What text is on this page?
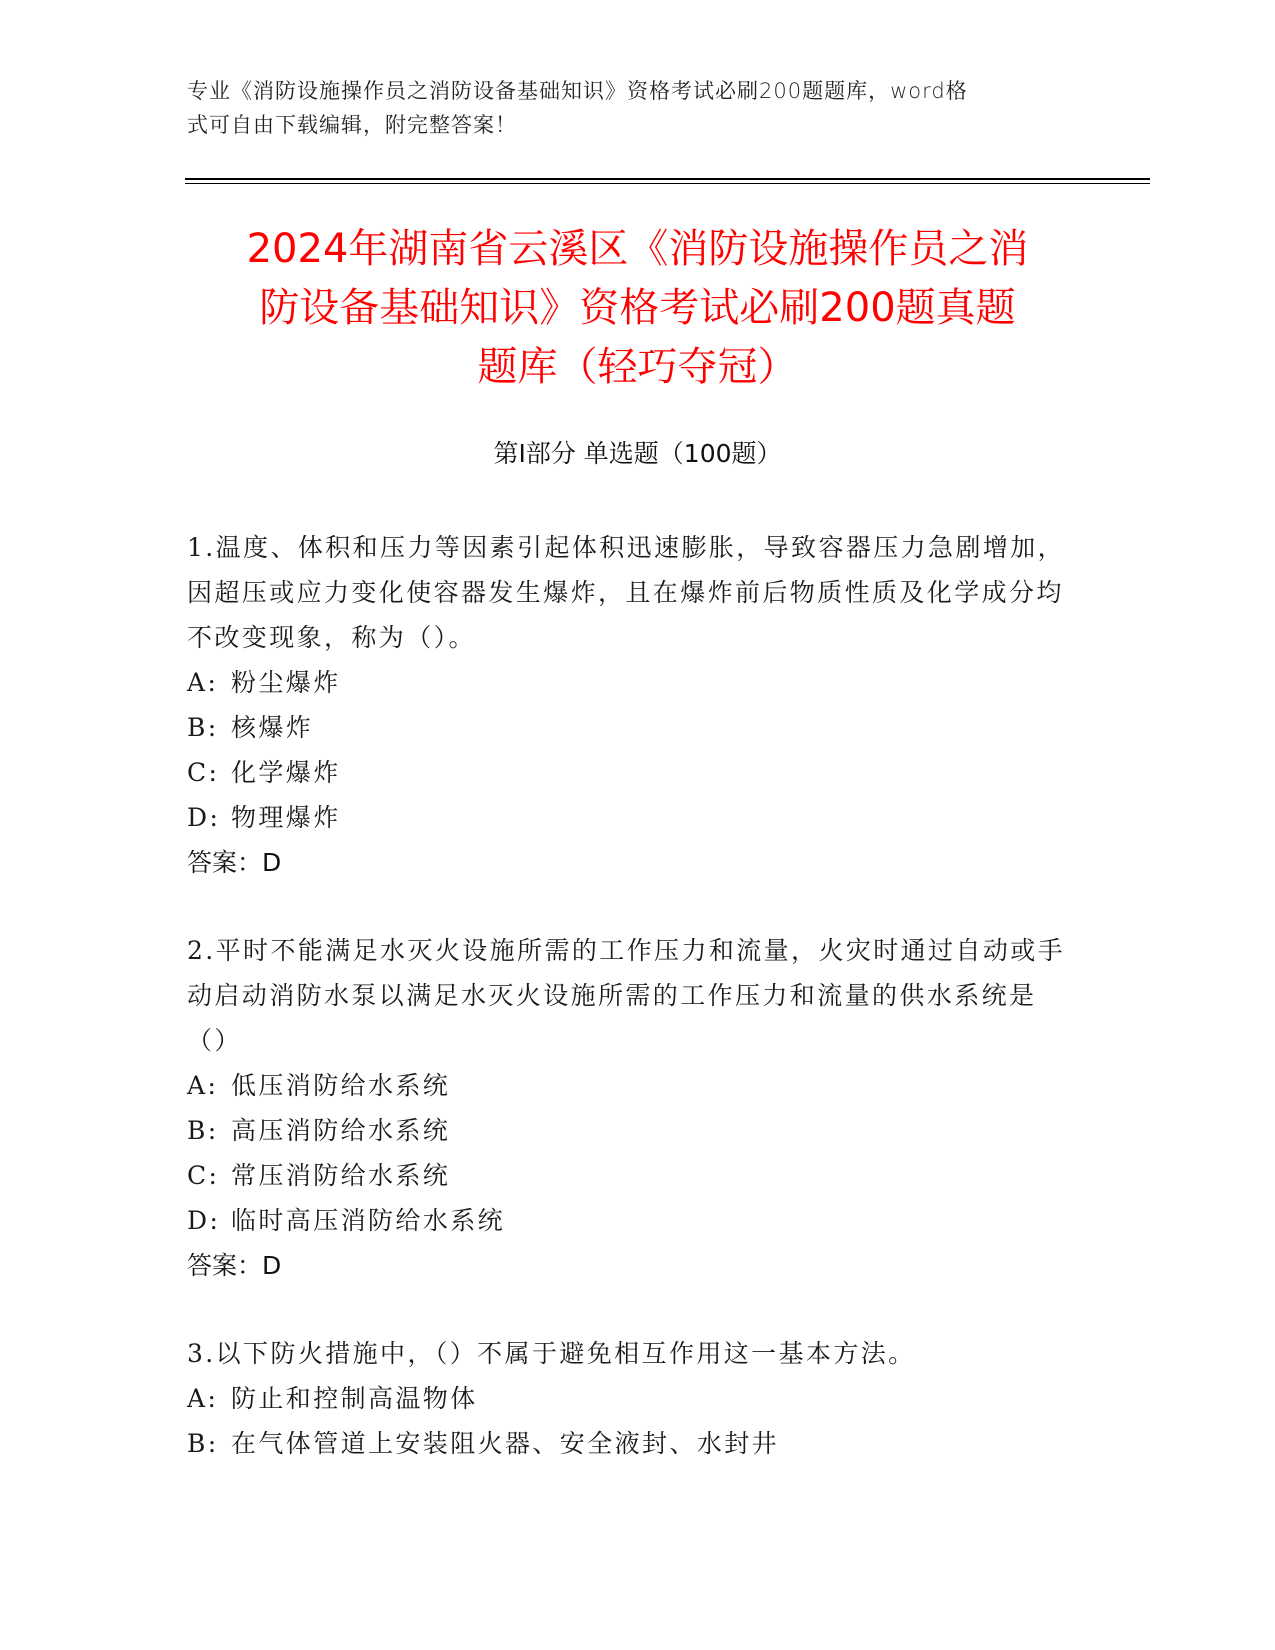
专业《消防设施操作员之消防设备基础知识》资格考试必刷200题题库，word格
式可自由下载编辑，附完整答案！
2024年湖南省云溪区《消防设施操作员之消
防设备基础知识》资格考试必刷200题真题
题库（轻巧夺冠）
第Ⅰ部分 单选题（100题）

1.温度、体积和压力等因素引起体积迅速膨胀，导致容器压力急剧增加，因超压或应力变化使容器发生爆炸，且在爆炸前后物质性质及化学成分均不改变现象，称为（）。

A: 粉尘爆炸

B: 核爆炸

C: 化学爆炸

D: 物理爆炸

答案：D

2.平时不能满足水灭火设施所需的工作压力和流量，火灾时通过自动或手动启动消防水泵以满足水灭火设施所需的工作压力和流量的供水系统是（）

A: 低压消防给水系统

B: 高压消防给水系统

C: 常压消防给水系统

D: 临时高压消防给水系统

答案：D

3.以下防火措施中，（）不属于避免相互作用这一基本方法。

A: 防止和控制高温物体

B: 在气体管道上安装阻火器、安全液封、水封井
